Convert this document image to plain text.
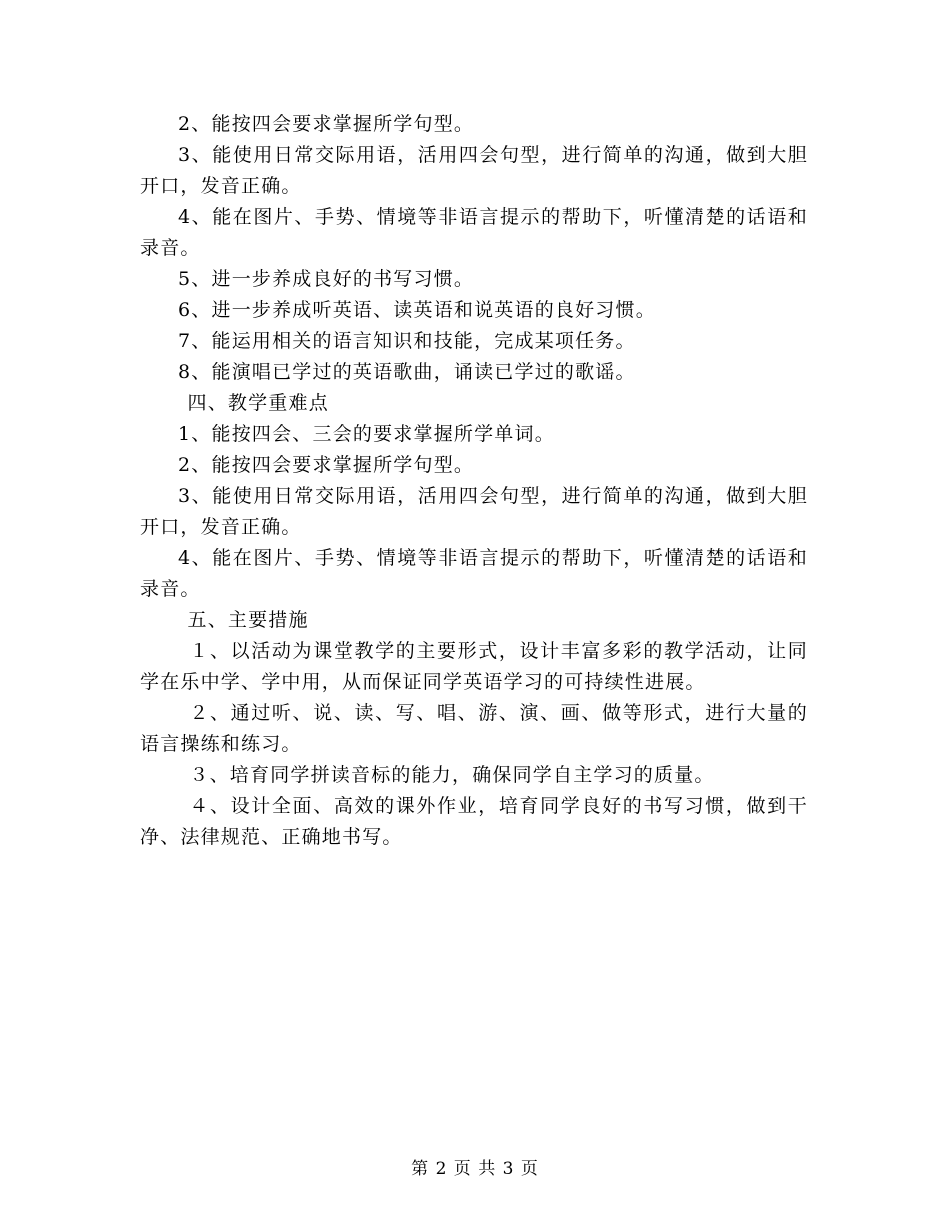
2、能按四会要求掌握所学句型。

3、能使用日常交际用语，活用四会句型，进行简单的沟通，做到大胆开口，发音正确。

4、能在图片、手势、情境等非语言提示的帮助下，听懂清楚的话语和录音。

5、进一步养成良好的书写习惯。

6、进一步养成听英语、读英语和说英语的良好习惯。

7、能运用相关的语言知识和技能，完成某项任务。

8、能演唱已学过的英语歌曲，诵读已学过的歌谣。

四、教学重难点

1、能按四会、三会的要求掌握所学单词。

2、能按四会要求掌握所学句型。

3、能使用日常交际用语，活用四会句型，进行简单的沟通，做到大胆开口，发音正确。

4、能在图片、手势、情境等非语言提示的帮助下，听懂清楚的话语和录音。

五、主要措施

１、以活动为课堂教学的主要形式，设计丰富多彩的教学活动，让同学在乐中学、学中用，从而保证同学英语学习的可持续性进展。

２、通过听、说、读、写、唱、游、演、画、做等形式，进行大量的语言操练和练习。

３、培育同学拼读音标的能力，确保同学自主学习的质量。

４、设计全面、高效的课外作业，培育同学良好的书写习惯，做到干净、法律规范、正确地书写。

第 2 页 共 3 页
